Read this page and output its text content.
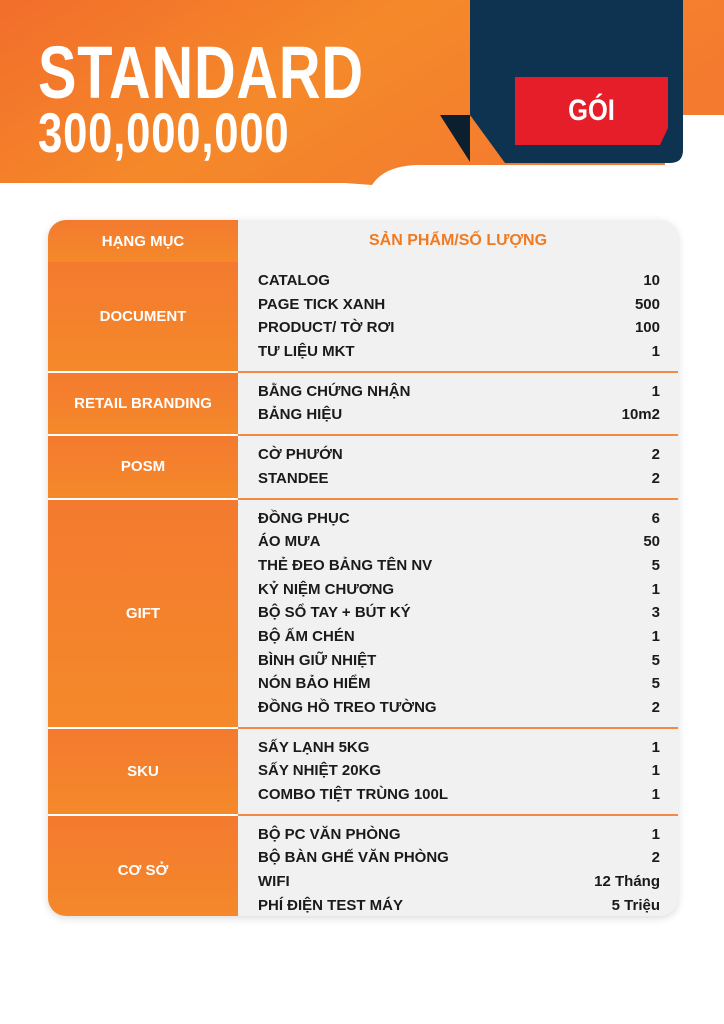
STANDARD
300,000,000	GÓI
HẠNG MỤC	SẢN PHẨM/SỐ LƯỢNG
DOCUMENT
CATALOG	10
PAGE TICK XANH	500
PRODUCT/ TỜ RƠI	100
TƯ LIỆU MKT	1
RETAIL BRANDING
BẰNG CHỨNG NHẬN	1
BẢNG HIỆU	10m2
POSM
CỜ PHƯỚN	2
STANDEE	2
GIFT
ĐỒNG PHỤC	6
ÁO MƯA	50
THẺ ĐEO BẢNG TÊN NV	5
KỶ NIỆM CHƯƠNG	1
BỘ SỔ TAY + BÚT KÝ	3
BỘ ẤM CHÉN	1
BÌNH GIỮ NHIỆT	5
NÓN BẢO HIỂM	5
ĐỒNG HỒ TREO TƯỜNG	2
SKU
SẤY LẠNH 5KG	1
SẤY NHIỆT 20KG	1
COMBO TIỆT TRÙNG 100L	1
CƠ SỞ
BỘ PC VĂN PHÒNG	1
BỘ BÀN GHẾ VĂN PHÒNG	2
WIFI	12 Tháng
PHÍ ĐIỆN TEST MÁY	5 Triệu
